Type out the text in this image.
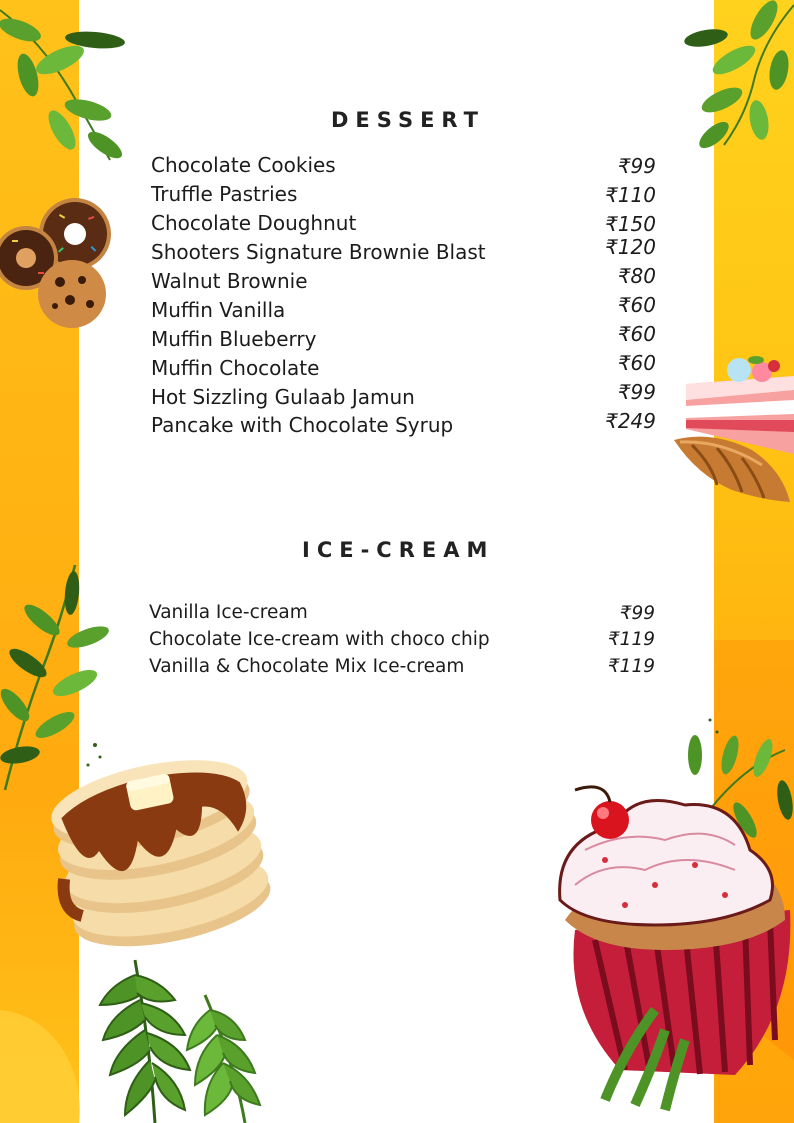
DESSERT
ICE-CREAM

Chocolate Cookies	₹99

Truffle Pastries	₹110

Chocolate Doughnut	₹150

Shooters Signature Brownie Blast	₹120

Walnut Brownie	₹80

Muffin Vanilla	₹60

Muffin Blueberry	₹60

Muffin Chocolate	₹60

Hot Sizzling Gulaab Jamun	₹99

Pancake with Chocolate Syrup	₹249

Vanilla Ice-cream	₹99

Chocolate Ice-cream with choco chip	₹119

Vanilla & Chocolate Mix Ice-cream	₹119
